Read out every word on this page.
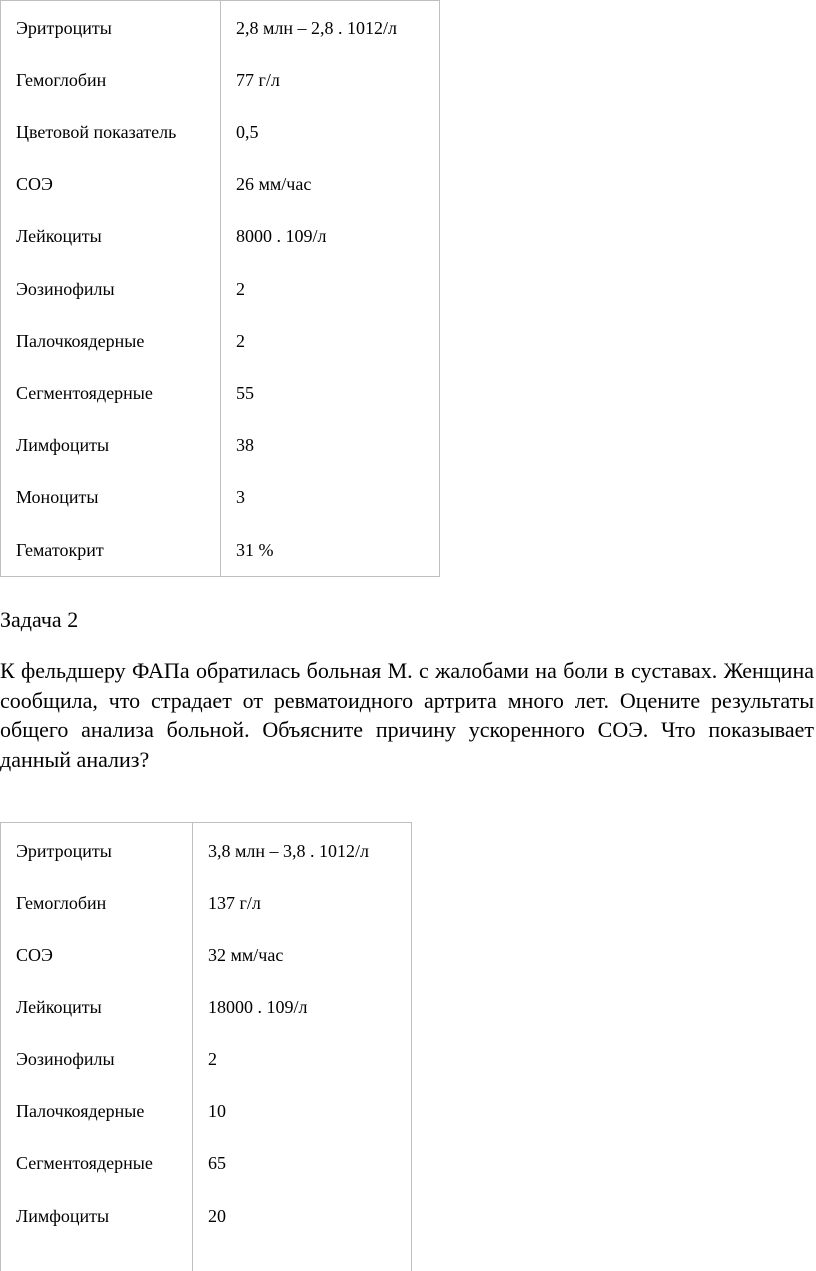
Эритроциты	2,8 млн – 2,8 . 1012/л
Гемоглобин	77 г/л
Цветовой показатель	0,5
СОЭ	26 мм/час
Лейкоциты	8000 . 109/л
Эозинофилы	2
Палочкоядерные	2
Сегментоядерные	55
Лимфоциты	38
Моноциты	3
Гематокрит	31 %
Задача 2
К фельдшеру ФАПа обратилась больная М. с жалобами на боли в суставах. Женщина сообщила, что страдает от ревматоидного артрита много лет. Оцените результаты общего анализа больной. Объясните причину ускоренного СОЭ. Что показывает данный анализ?
Эритроциты	3,8 млн – 3,8 . 1012/л
Гемоглобин	137 г/л
СОЭ	32 мм/час
Лейкоциты	18000 . 109/л
Эозинофилы	2
Палочкоядерные	10
Сегментоядерные	65
Лимфоциты	20
